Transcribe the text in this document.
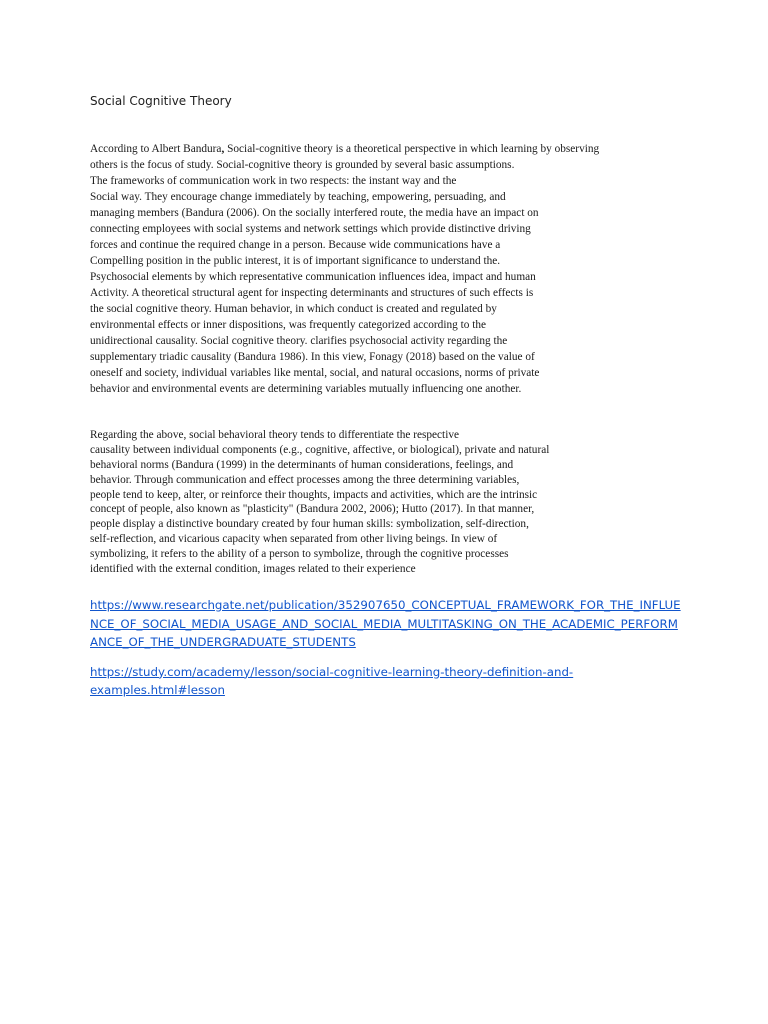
Social Cognitive Theory
According to Albert Bandura, Social-cognitive theory is a theoretical perspective in which learning by observing
others is the focus of study. Social-cognitive theory is grounded by several basic assumptions.
The frameworks of communication work in two respects: the instant way and the
Social way. They encourage change immediately by teaching, empowering, persuading, and
managing members (Bandura (2006). On the socially interfered route, the media have an impact on
connecting employees with social systems and network settings which provide distinctive driving
forces and continue the required change in a person. Because wide communications have a
Compelling position in the public interest, it is of important significance to understand the.
Psychosocial elements by which representative communication influences idea, impact and human
Activity. A theoretical structural agent for inspecting determinants and structures of such effects is
the social cognitive theory. Human behavior, in which conduct is created and regulated by
environmental effects or inner dispositions, was frequently categorized according to the
unidirectional causality. Social cognitive theory. clarifies psychosocial activity regarding the
supplementary triadic causality (Bandura 1986). In this view, Fonagy (2018) based on the value of
oneself and society, individual variables like mental, social, and natural occasions, norms of private
behavior and environmental events are determining variables mutually influencing one another.
Regarding the above, social behavioral theory tends to differentiate the respective
causality between individual components (e.g., cognitive, affective, or biological), private and natural
behavioral norms (Bandura (1999) in the determinants of human considerations, feelings, and
behavior. Through communication and effect processes among the three determining variables,
people tend to keep, alter, or reinforce their thoughts, impacts and activities, which are the intrinsic
concept of people, also known as "plasticity" (Bandura 2002, 2006); Hutto (2017). In that manner,
people display a distinctive boundary created by four human skills: symbolization, self-direction,
self-reflection, and vicarious capacity when separated from other living beings. In view of
symbolizing, it refers to the ability of a person to symbolize, through the cognitive processes
identified with the external condition, images related to their experience
https://www.researchgate.net/publication/352907650_CONCEPTUAL_FRAMEWORK_FOR_THE_INFLUE
NCE_OF_SOCIAL_MEDIA_USAGE_AND_SOCIAL_MEDIA_MULTITASKING_ON_THE_ACADEMIC_PERFORM
ANCE_OF_THE_UNDERGRADUATE_STUDENTS
https://study.com/academy/lesson/social-cognitive-learning-theory-definition-and-
examples.html#lesson
